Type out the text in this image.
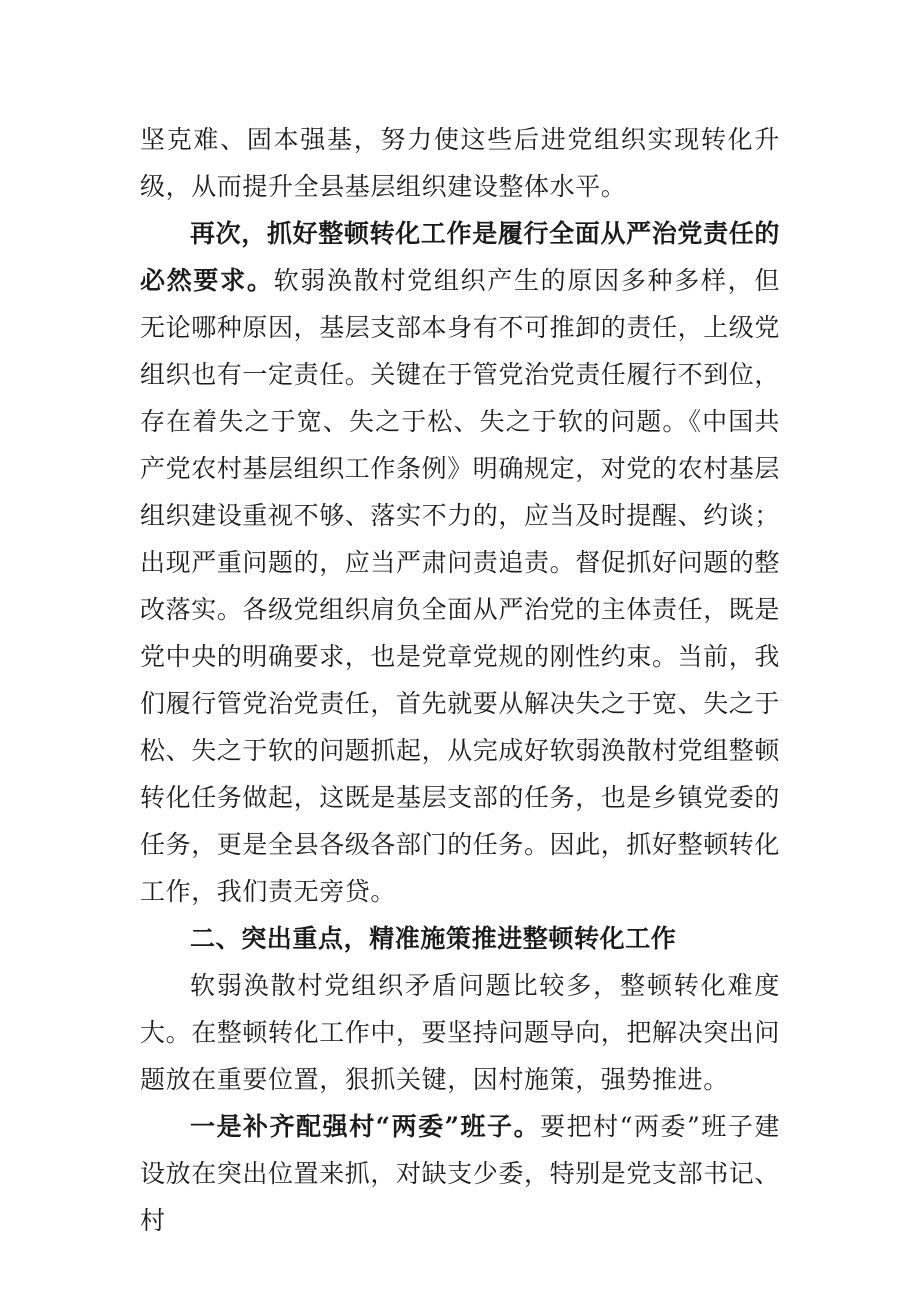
坚克难、固本强基，努力使这些后进党组织实现转化升级，从而提升全县基层组织建设整体水平。

再次，抓好整顿转化工作是履行全面从严治党责任的必然要求。软弱涣散村党组织产生的原因多种多样，但无论哪种原因，基层支部本身有不可推卸的责任，上级党组织也有一定责任。关键在于管党治党责任履行不到位，存在着失之于宽、失之于松、失之于软的问题。《中国共产党农村基层组织工作条例》明确规定，对党的农村基层组织建设重视不够、落实不力的，应当及时提醒、约谈；出现严重问题的，应当严肃问责追责。督促抓好问题的整改落实。各级党组织肩负全面从严治党的主体责任，既是党中央的明确要求，也是党章党规的刚性约束。当前，我们履行管党治党责任，首先就要从解决失之于宽、失之于松、失之于软的问题抓起，从完成好软弱涣散村党组整顿转化任务做起，这既是基层支部的任务，也是乡镇党委的任务，更是全县各级各部门的任务。因此，抓好整顿转化工作，我们责无旁贷。

二、突出重点，精准施策推进整顿转化工作

软弱涣散村党组织矛盾问题比较多，整顿转化难度大。在整顿转化工作中，要坚持问题导向，把解决突出问题放在重要位置，狠抓关键，因村施策，强势推进。

一是补齐配强村“两委”班子。要把村“两委”班子建设放在突出位置来抓，对缺支少委，特别是党支部书记、村
